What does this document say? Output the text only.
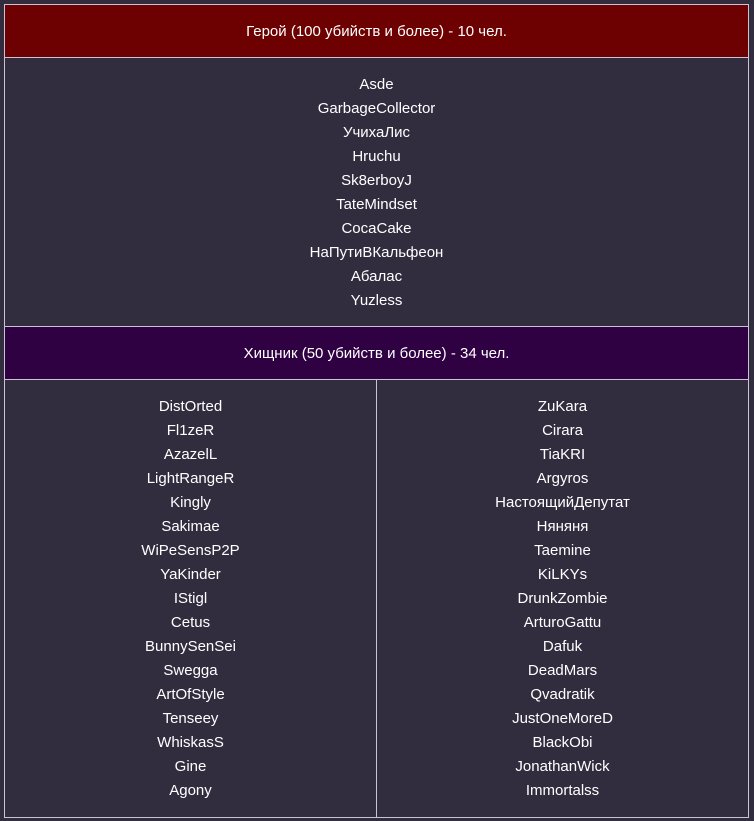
Герой (100 убийств и более) - 10 чел.
Asde
GarbageCollector
УчихаЛис
Hruchu
Sk8erboyJ
TateMindset
CocaCake
НаПутиВКальфеон
Абалас
Yuzless
Хищник (50 убийств и более) - 34 чел.
DistOrted
Fl1zeR
AzazelL
LightRangeR
Kingly
Sakimae
WiPeSensP2P
YaKinder
IStigl
Cetus
BunnySenSei
Swegga
ArtOfStyle
Tenseey
WhiskasS
Gine
Agony
ZuKara
Cirara
TiaKRI
Argyros
НастоящийДепутат
Няняня
Taemine
KiLKYs
DrunkZombie
ArturoGattu
Dafuk
DeadMars
Qvadratik
JustOneMoreD
BlackObi
JonathanWick
Immortalss
